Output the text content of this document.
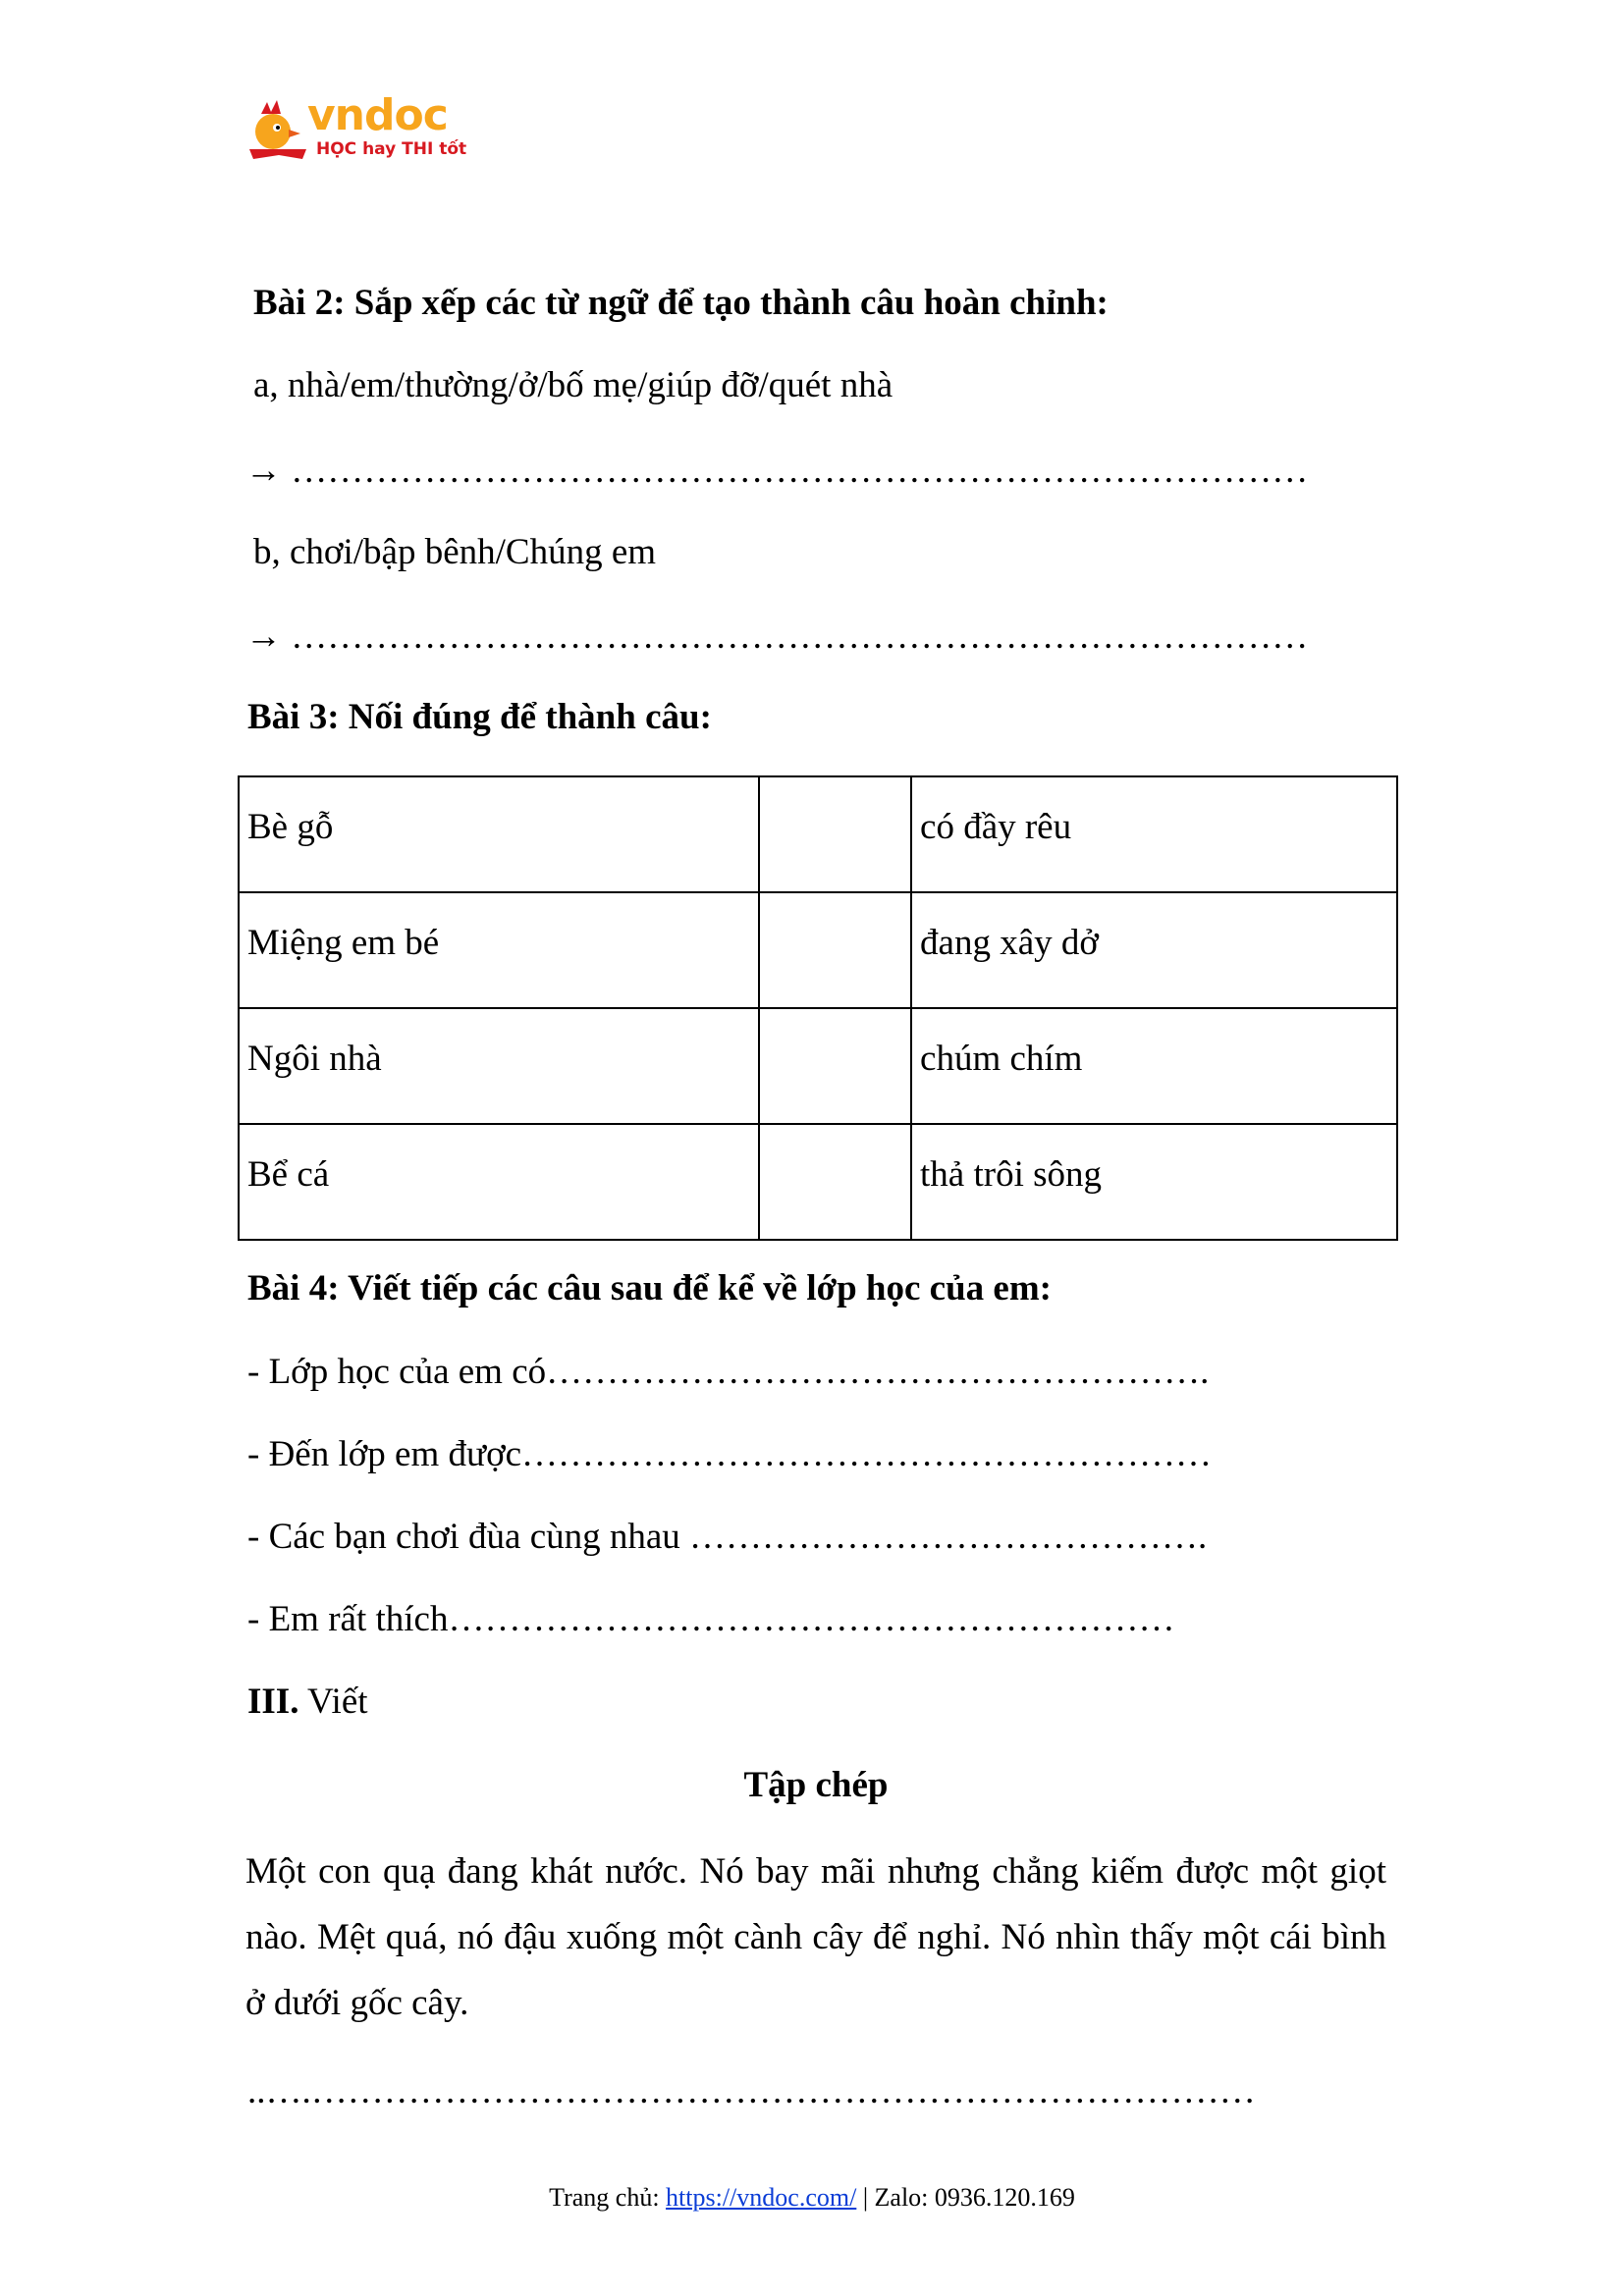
vndoc
HỌC hay THI tốt
Bài 2: Sắp xếp các từ ngữ để tạo thành câu hoàn chỉnh:
a, nhà/em/thường/ở/bố mẹ/giúp đỡ/quét nhà
→ …………………………………………………………………………
b, chơi/bập bênh/Chúng em
→ …………………………………………………………………………
Bài 3: Nối đúng để thành câu:
Bè gỗ		có đầy rêu
Miệng em bé		đang xây dở
Ngôi nhà		chúm chím
Bể cá		thả trôi sông
Bài 4: Viết tiếp các câu sau để kể về lớp học của em:
- Lớp học của em có……………………………………………….
- Đến lớp em được…………………………………………………
- Các bạn chơi đùa cùng nhau …………………………………….
- Em rất thích……………………………………………………
III. Viết
Tập chép
Một con quạ đang khát nước. Nó bay mãi nhưng chẳng kiếm được một giọt nào. Mệt quá, nó đậu xuống một cành cây để nghỉ. Nó nhìn thấy một cái bình ở dưới gốc cây.
..….……………………………………………………………………
Trang chủ: https://vndoc.com/ | Zalo: 0936.120.169
